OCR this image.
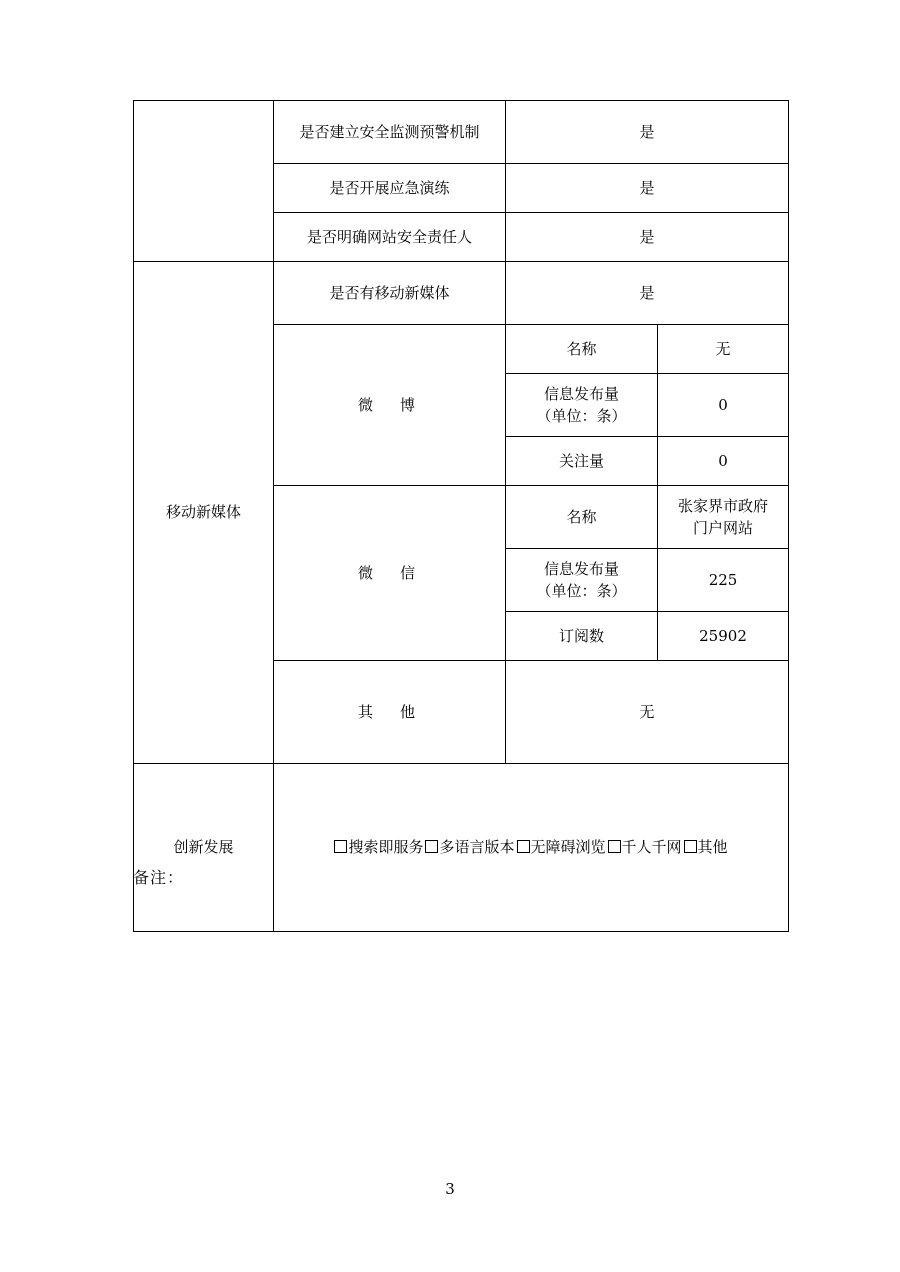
	是否建立安全监测预警机制	是	
	是否开展应急演练	是	
	是否明确网站安全责任人	是	
移动新媒体	是否有移动新媒体	是	
	微　博	名称	无

		信息发布量
（单位：条）	0
		关注量	0
	微　信	名称	张家界市政府
门户网站

		信息发布量
（单位：条）	225
		订阅数	25902
	其　他	无	
创新发展	搜索即服务 多语言版本 无障碍浏览 千人千网 其他		
备注：
3
